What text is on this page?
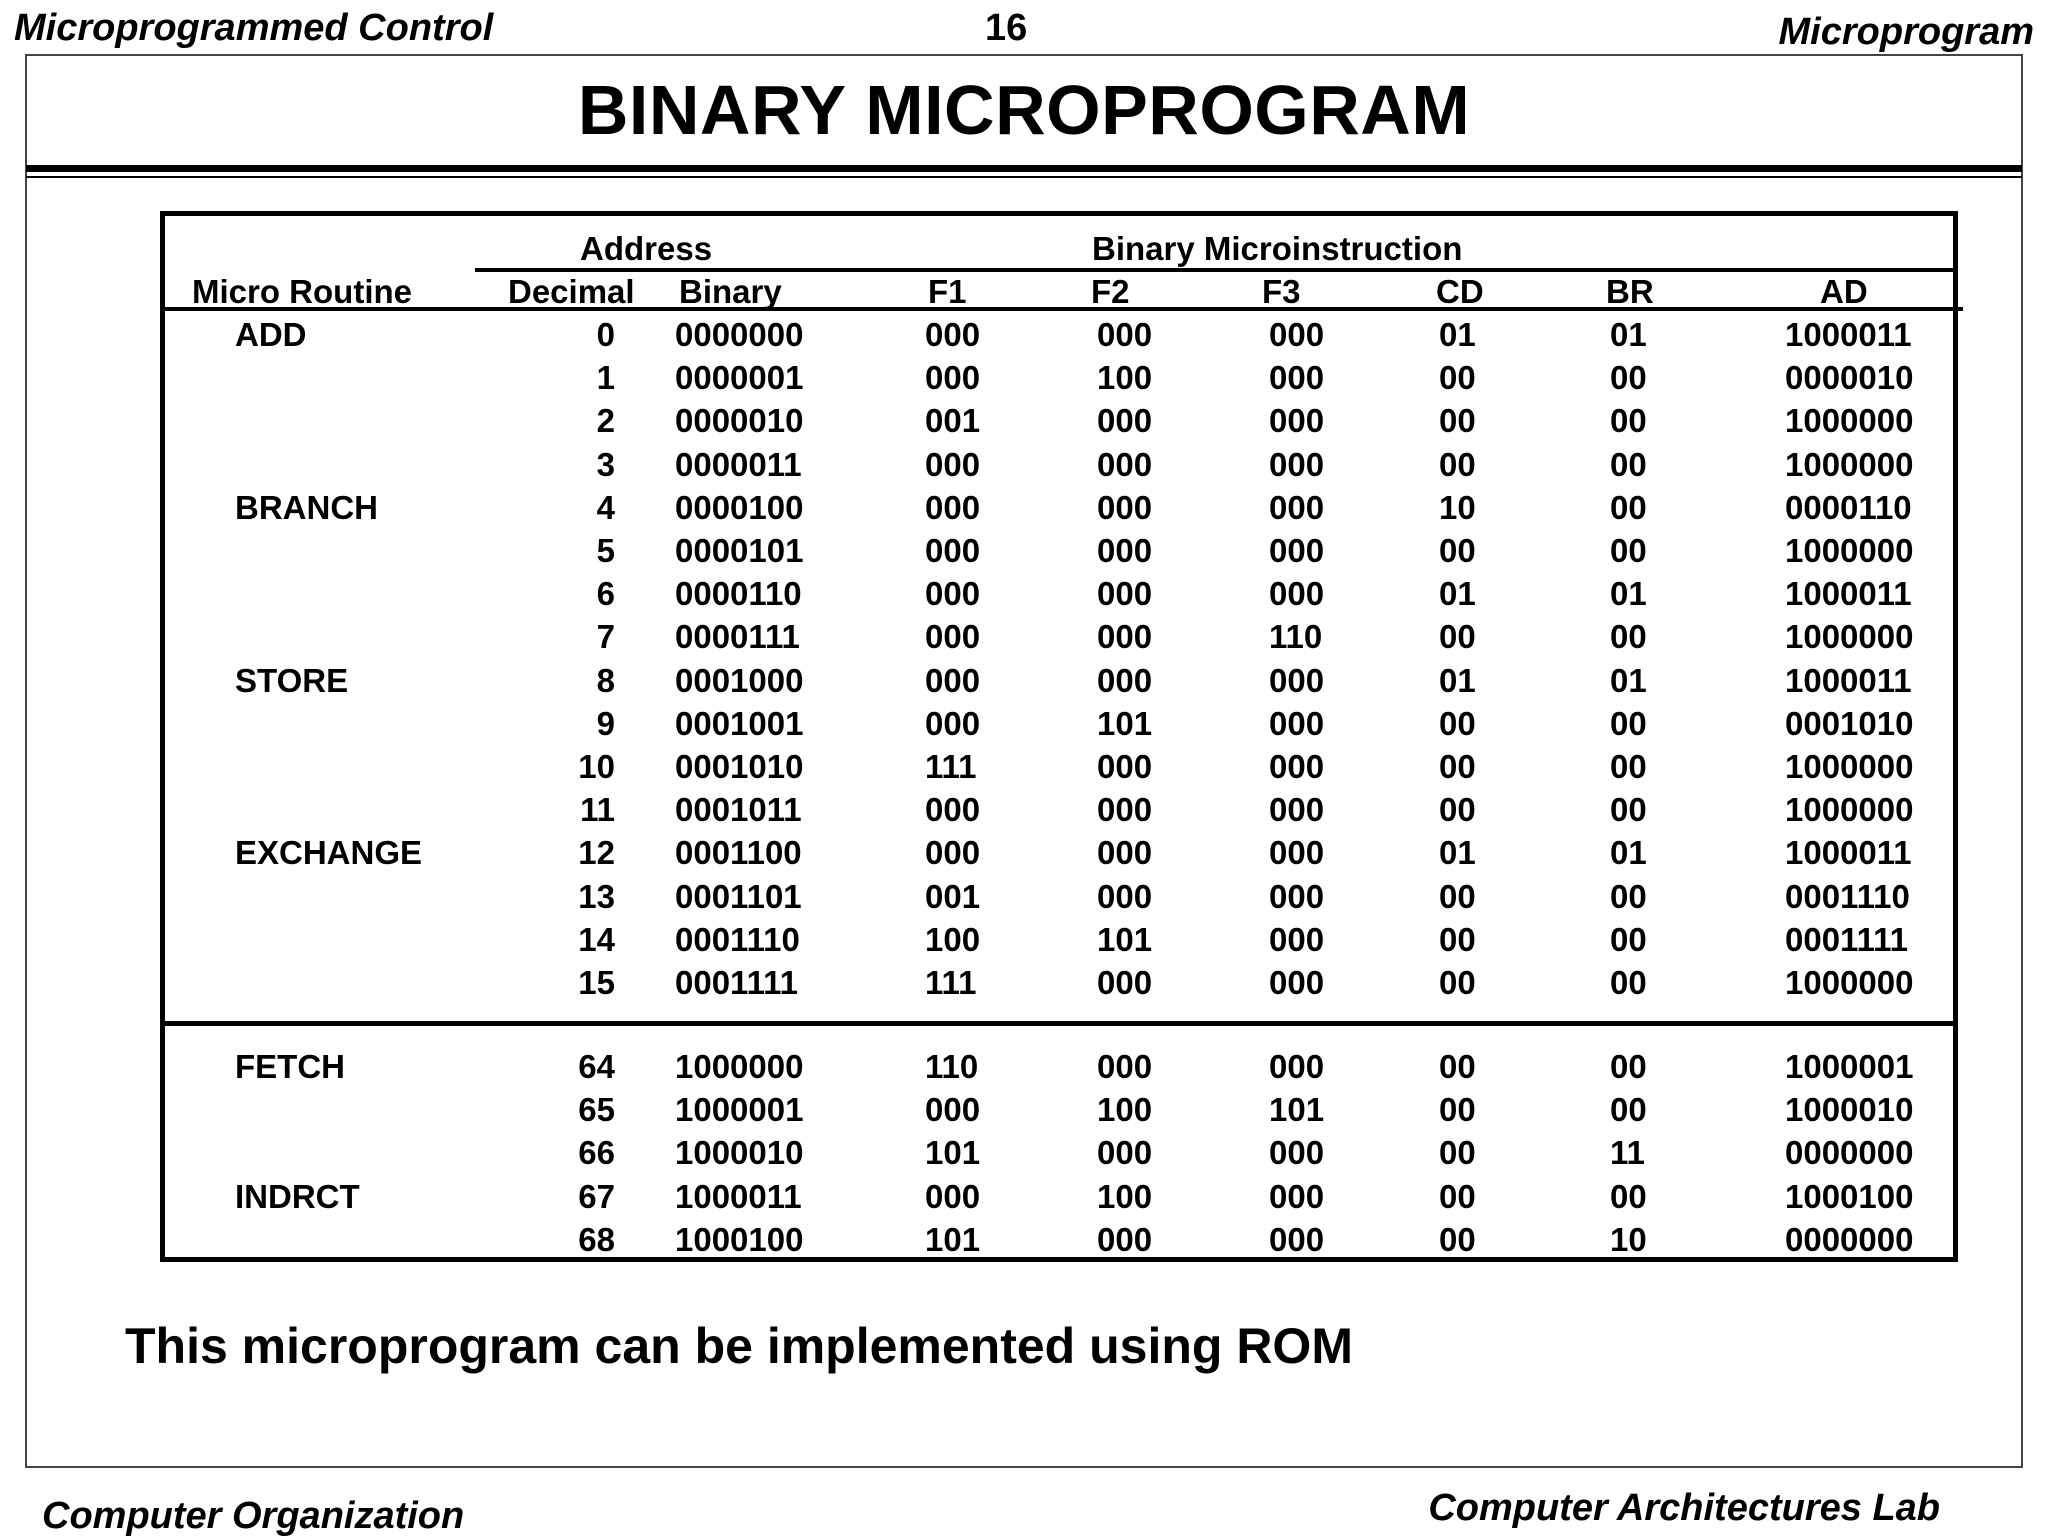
Microprogrammed Control	16	Microprogram
BINARY MICROPROGRAM
Address	Binary Microinstruction
Micro Routine	Decimal Binary	F1	F2	F3	CD	BR	AD
ADD	0 0000000	000	000	000	01	01	1000011
1 0000001	000	100	000	00	00	0000010
2 0000010	001	000	000	00	00	1000000
3 0000011	000	000	000	00	00	1000000
BRANCH	4 0000100	000	000	000	10	00	0000110
5 0000101	000	000	000	00	00	1000000
6 0000110	000	000	000	01	01	1000011
7 0000111	000	000	110	00	00	1000000
STORE	8 0001000	000	000	000	01	01	1000011
9 0001001	000	101	000	00	00	0001010
10 0001010	111	000	000	00	00	1000000
11 0001011	000	000	000	00	00	1000000
EXCHANGE	12 0001100	000	000	000	01	01	1000011
13 0001101	001	000	000	00	00	0001110
14 0001110	100	101	000	00	00	0001111
15 0001111	111	000	000	00	00	1000000
FETCH	64 1000000	110	000	000	00	00	1000001
65 1000001	000	100	101	00	00	1000010
66 1000010	101	000	000	00	11	0000000
INDRCT	67 1000011	000	100	000	00	00	1000100
68 1000100	101	000	000	00	10	0000000
This microprogram can be implemented using ROM
Computer Organization	Computer Architectures Lab
